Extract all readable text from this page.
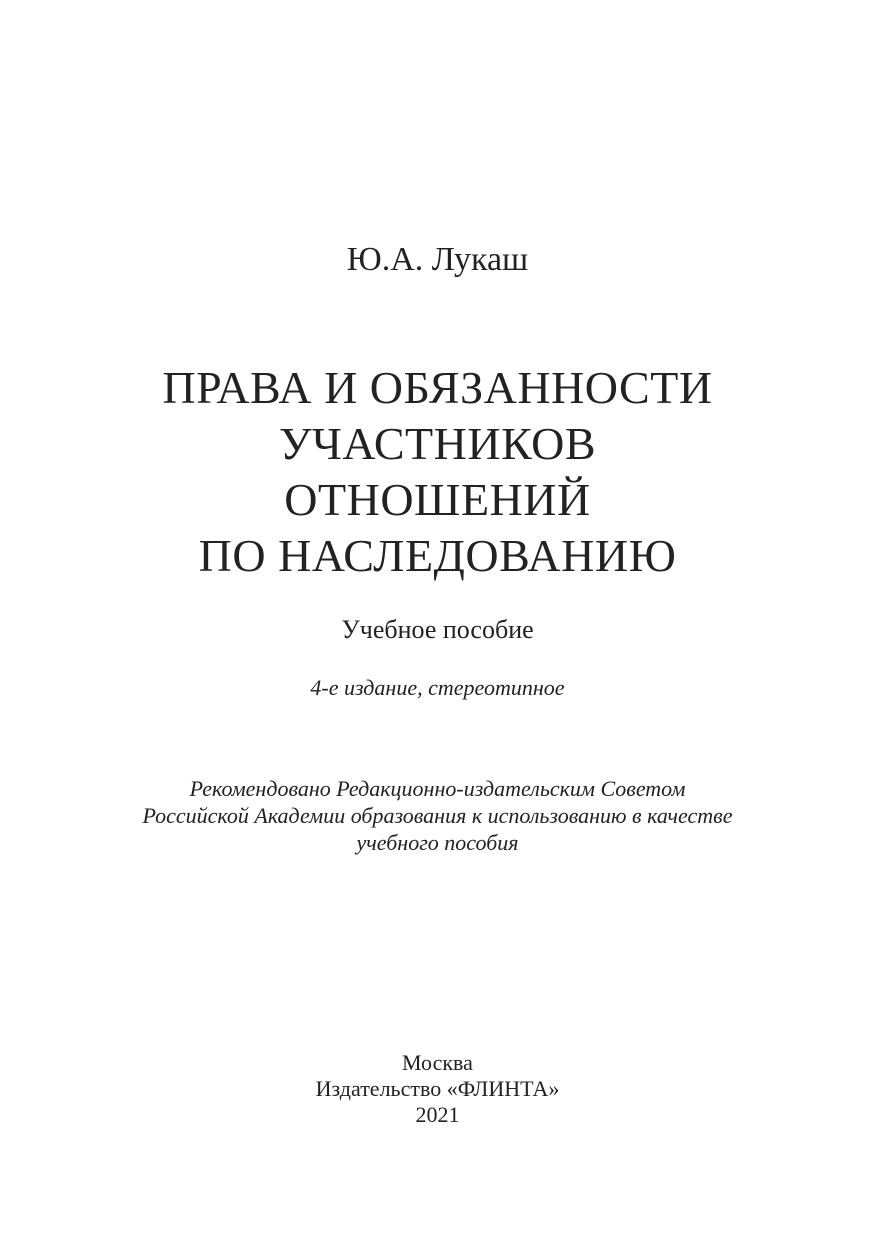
Ю.А. Лукаш
ПРАВА И ОБЯЗАННОСТИ
УЧАСТНИКОВ
ОТНОШЕНИЙ
ПО НАСЛЕДОВАНИЮ
Учебное пособие
4-е издание, стереотипное
Рекомендовано Редакционно-издательским Советом
Российской Академии образования к использованию в качестве
учебного пособия
Москва
Издательство «ФЛИНТА»
2021
